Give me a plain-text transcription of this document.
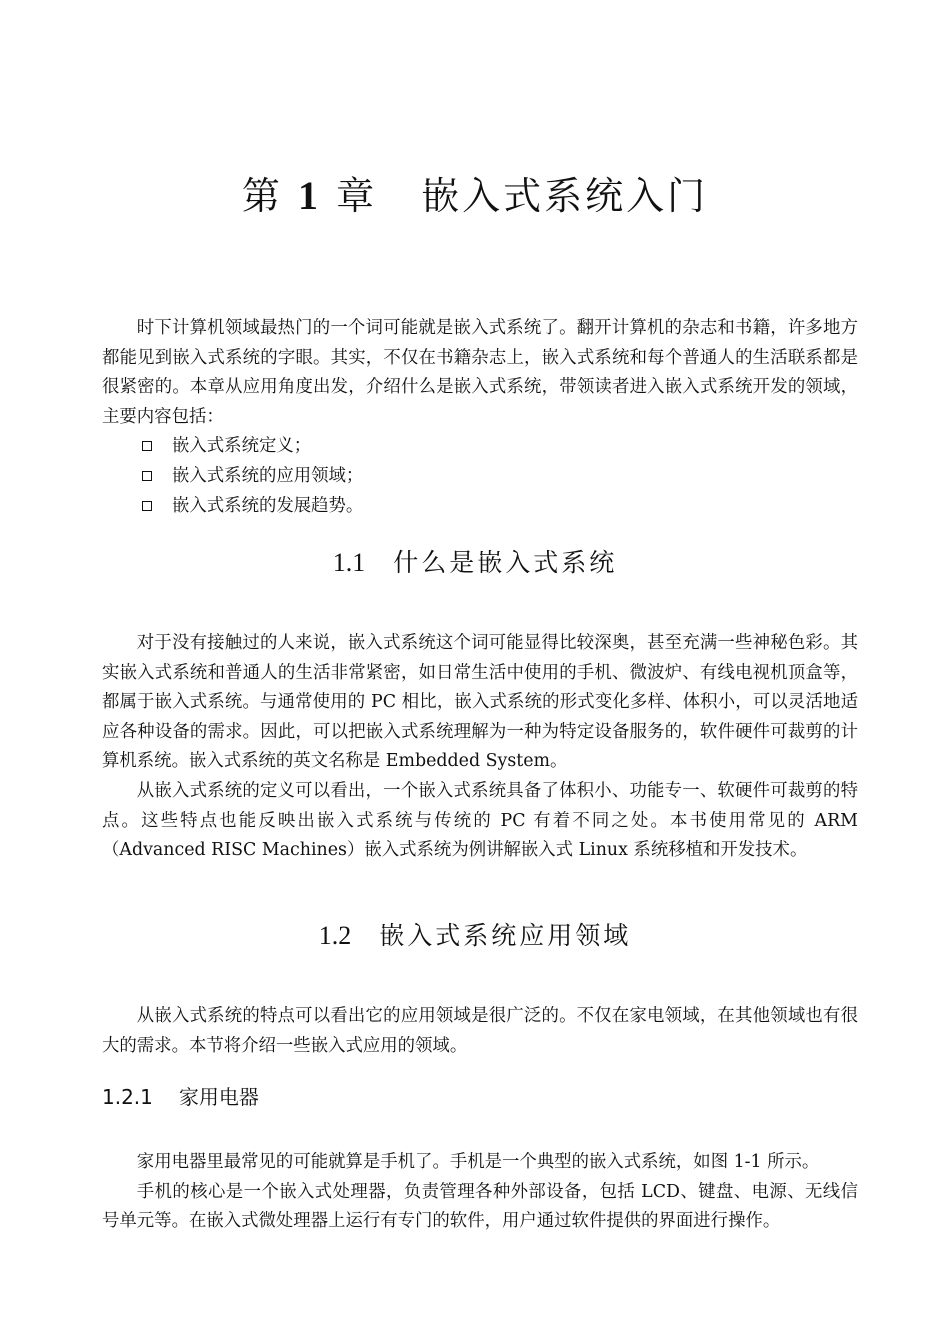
第 1 章 嵌入式系统入门

时下计算机领域最热门的一个词可能就是嵌入式系统了。翻开计算机的杂志和书籍，许多地方都能见到嵌入式系统的字眼。其实，不仅在书籍杂志上，嵌入式系统和每个普通人的生活联系都是很紧密的。本章从应用角度出发，介绍什么是嵌入式系统，带领读者进入嵌入式系统开发的领域，主要内容包括：

嵌入式系统定义；
嵌入式系统的应用领域；
嵌入式系统的发展趋势。
1.1 什么是嵌入式系统

对于没有接触过的人来说，嵌入式系统这个词可能显得比较深奥，甚至充满一些神秘色彩。其实嵌入式系统和普通人的生活非常紧密，如日常生活中使用的手机、微波炉、有线电视机顶盒等，都属于嵌入式系统。与通常使用的 PC 相比，嵌入式系统的形式变化多样、体积小，可以灵活地适应各种设备的需求。因此，可以把嵌入式系统理解为一种为特定设备服务的，软件硬件可裁剪的计算机系统。嵌入式系统的英文名称是 Embedded System。

从嵌入式系统的定义可以看出，一个嵌入式系统具备了体积小、功能专一、软硬件可裁剪的特点。这些特点也能反映出嵌入式系统与传统的 PC 有着不同之处。本书使用常见的 ARM（Advanced RISC Machines）嵌入式系统为例讲解嵌入式 Linux 系统移植和开发技术。

1.2 嵌入式系统应用领域

从嵌入式系统的特点可以看出它的应用领域是很广泛的。不仅在家电领域，在其他领域也有很大的需求。本节将介绍一些嵌入式应用的领域。

1.2.1 家用电器

家用电器里最常见的可能就算是手机了。手机是一个典型的嵌入式系统，如图 1-1 所示。

手机的核心是一个嵌入式处理器，负责管理各种外部设备，包括 LCD、键盘、电源、无线信号单元等。在嵌入式微处理器上运行有专门的软件，用户通过软件提供的界面进行操作。
